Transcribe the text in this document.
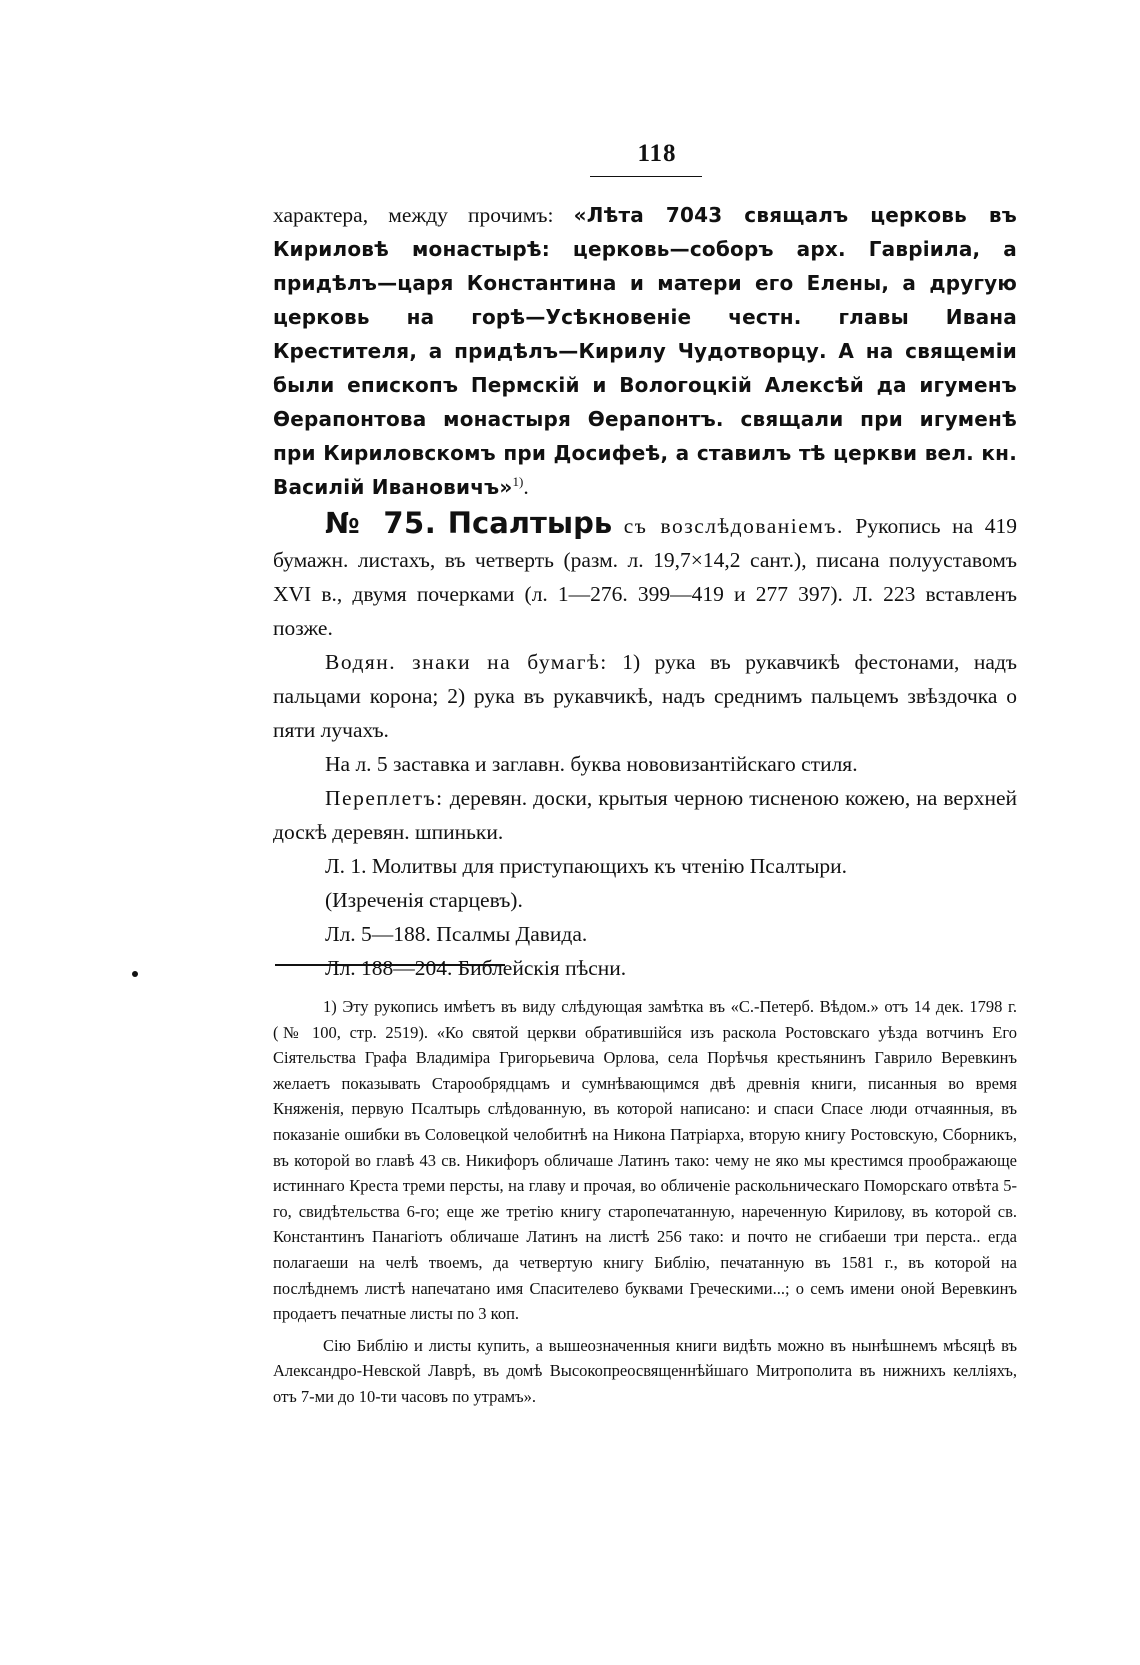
118

характера, между прочимъ: «Лѣта 7043 свящалъ церковь въ Кириловѣ монастырѣ: церковь—соборъ арх. Гавріила, а придѣлъ—царя Константина и матери его Елены, а другую церковь на горѣ—Усѣкновеніе честн. главы Ивана Крестителя, а придѣлъ—Кирилу Чудотворцу. А на свящеміи были епископъ Пермскій и Вологоцкій Алексѣй да игуменъ Ѳерапонтова монастыря Ѳерапонтъ. свящали при игуменѣ при Кириловскомъ при Досифеѣ, а ставилъ тѣ церкви вел. кн. Василій Ивановичъ»$^{1)}$.

№ 75. Псалтырь съ возслѣдованіемъ. Рукопись на 419 бумажн. листахъ, въ четверть (разм. л. 19,7×14,2 сант.), писана полууставомъ XVI в., двумя почерками (л. 1—276. 399—419 и 277 397). Л. 223 вставленъ позже.

Водян. знаки на бумагѣ: 1) рука въ рукавчикѣ фестонами, надъ пальцами корона; 2) рука въ рукавчикѣ, надъ среднимъ пальцемъ звѣздочка о пяти лучахъ.

На л. 5 заставка и заглавн. буква нововизантійскаго стиля.

Переплетъ: деревян. доски, крытыя черною тисненою кожею, на верхней доскѣ деревян. шпиньки.

Л. 1. Молитвы для приступающихъ къ чтенію Псалтыри.

(Изреченія старцевъ).

Лл. 5—188. Псалмы Давида.

Лл. 188—204. Библейскія пѣсни.

1) Эту рукопись имѣетъ въ виду слѣдующая замѣтка въ «С.-Петерб. Вѣдом.» отъ 14 дек. 1798 г. (№ 100, стр. 2519). «Ко святой церкви обратившійся изъ раскола Ростовскаго уѣзда вотчинъ Его Сіятельства Графа Владиміра Григорьевича Орлова, села Порѣчья крестьянинъ Гаврило Веревкинъ желаетъ показывать Старообрядцамъ и сумнѣвающимся двѣ древнія книги, писанныя во время Княженія, первую Псалтырь слѣдованную, въ которой написано: и спаси Спасе люди отчаянныя, въ показаніе ошибки въ Соловецкой челобитнѣ на Никона Патріарха, вторую книгу Ростовскую, Сборникъ, въ которой во главѣ 43 св. Никифоръ обличаше Латинъ тако: чему не яко мы крестимся проображающе истиннаго Креста треми персты, на главу и прочая, во обличеніе раскольническаго Поморскаго отвѣта 5-го, свидѣтельства 6-го; еще же третію книгу старопечатанную, нареченную Кирилову, въ которой св. Константинъ Панагіотъ обличаше Латинъ на листѣ 256 тако: и почто не сгибаеши три перста.. егда полагаеши на челѣ твоемъ, да четвертую книгу Библію, печатанную въ 1581 г., въ которой на послѣднемъ листѣ напечатано имя Спасителево буквами Греческими...; о семъ имени оной Веревкинъ продаетъ печатные листы по 3 коп.

Сію Библію и листы купить, а вышеозначенныя книги видѣть можно въ нынѣшнемъ мѣсяцѣ въ Александро-Невской Лаврѣ, въ домѣ Высокопреосвященнѣйшаго Митрополита въ нижнихъ келліяхъ, отъ 7-ми до 10-ти часовъ по утрамъ».
